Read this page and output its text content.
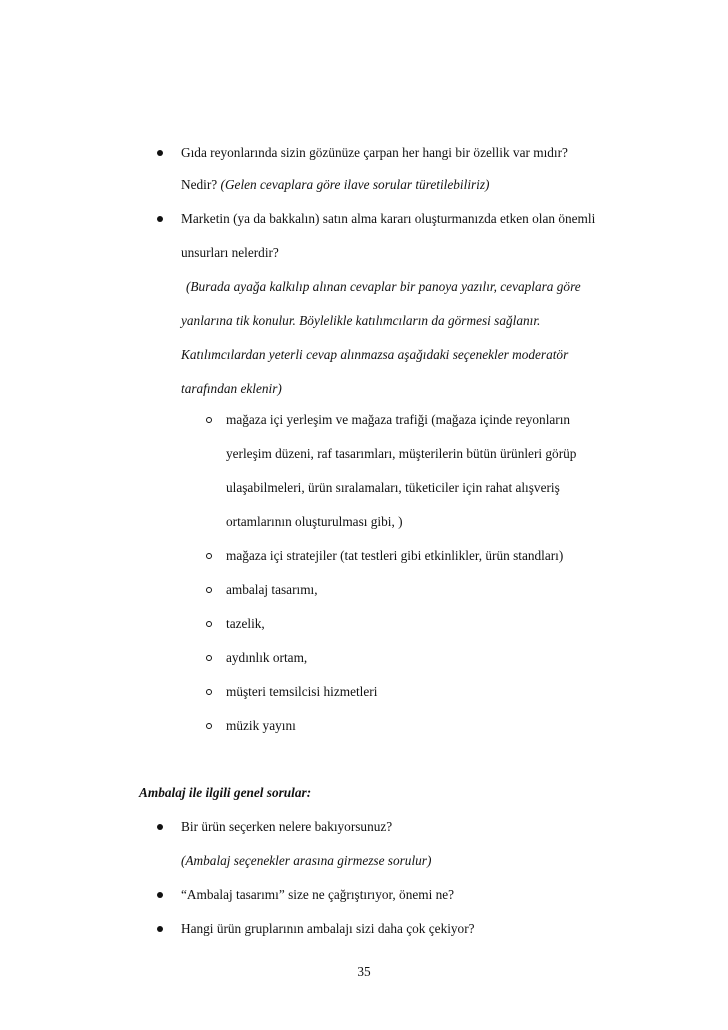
Gıda reyonlarında sizin gözünüze çarpan her hangi bir özellik var mıdır?
Nedir? (Gelen cevaplara göre ilave sorular türetilebiliriz)
Marketin (ya da bakkalın) satın alma kararı oluşturmanızda etken olan önemli
unsurları nelerdir?
(Burada ayağa kalkılıp alınan cevaplar bir panoya yazılır, cevaplara göre
yanlarına tik konulur. Böylelikle katılımcıların da görmesi sağlanır.
Katılımcılardan yeterli cevap alınmazsa aşağıdaki seçenekler moderatör
tarafından eklenir)
mağaza içi yerleşim ve mağaza trafiği (mağaza içinde reyonların
yerleşim düzeni, raf tasarımları, müşterilerin bütün ürünleri görüp
ulaşabilmeleri, ürün sıralamaları, tüketiciler için rahat alışveriş
ortamlarının oluşturulması gibi, )
mağaza içi stratejiler (tat testleri gibi etkinlikler, ürün standları)
ambalaj tasarımı,
tazelik,
aydınlık ortam,
müşteri temsilcisi hizmetleri
müzik yayını
Ambalaj ile ilgili genel sorular:
Bir ürün seçerken nelere bakıyorsunuz?
(Ambalaj seçenekler arasına girmezse sorulur)
“Ambalaj tasarımı” size ne çağrıştırıyor, önemi ne?
Hangi ürün gruplarının ambalajı sizi daha çok çekiyor?
35
